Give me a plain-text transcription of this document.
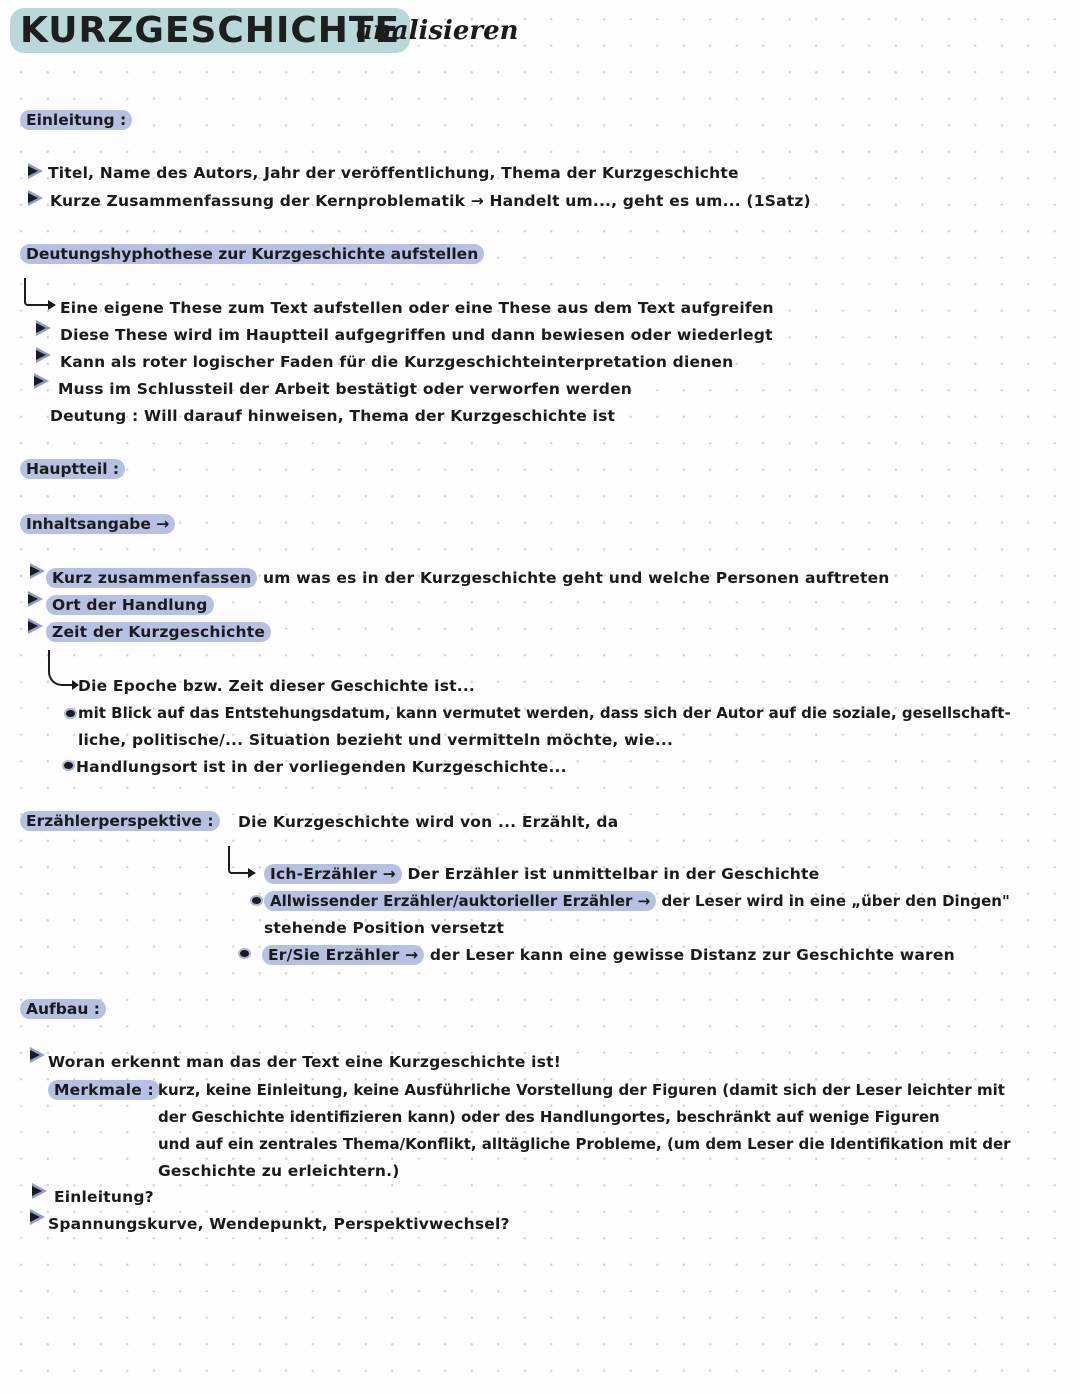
KURZGESCHICHTE
analisieren
Einleitung :
Titel, Name des Autors, Jahr der veröffentlichung, Thema der Kurzgeschichte
Kurze Zusammenfassung der Kernproblematik → Handelt um..., geht es um... (1Satz)
Deutungshyphothese zur Kurzgeschichte aufstellen
Eine eigene These zum Text aufstellen oder eine These aus dem Text aufgreifen
Diese These wird im Hauptteil aufgegriffen und dann bewiesen oder wiederlegt
Kann als roter logischer Faden für die Kurzgeschichteinterpretation dienen
Muss im Schlussteil der Arbeit bestätigt oder verworfen werden
Deutung : Will darauf hinweisen, Thema der Kurzgeschichte ist
Hauptteil :
Inhaltsangabe →
Kurz zusammenfassen um was es in der Kurzgeschichte geht und welche Personen auftreten
Ort der Handlung
Zeit der Kurzgeschichte
Die Epoche bzw. Zeit dieser Geschichte ist...
mit Blick auf das Entstehungsdatum, kann vermutet werden, dass sich der Autor auf die soziale, gesellschaft-
liche, politische/... Situation bezieht und vermitteln möchte, wie...
Handlungsort ist in der vorliegenden Kurzgeschichte...
Erzählerperspektive :	Die Kurzgeschichte wird von ... Erzählt, da
Ich-Erzähler → Der Erzähler ist unmittelbar in der Geschichte
Allwissender Erzähler/auktorieller Erzähler → der Leser wird in eine „über den Dingen"
stehende Position versetzt
Er/Sie Erzähler → der Leser kann eine gewisse Distanz zur Geschichte waren
Aufbau :
Woran erkennt man das der Text eine Kurzgeschichte ist!
Merkmale : kurz, keine Einleitung, keine Ausführliche Vorstellung der Figuren (damit sich der Leser leichter mit
der Geschichte identifizieren kann) oder des Handlungortes, beschränkt auf wenige Figuren
und auf ein zentrales Thema/Konflikt, alltägliche Probleme, (um dem Leser die Identifikation mit der
Geschichte zu erleichtern.)
Einleitung?
Spannungskurve, Wendepunkt, Perspektivwechsel?
